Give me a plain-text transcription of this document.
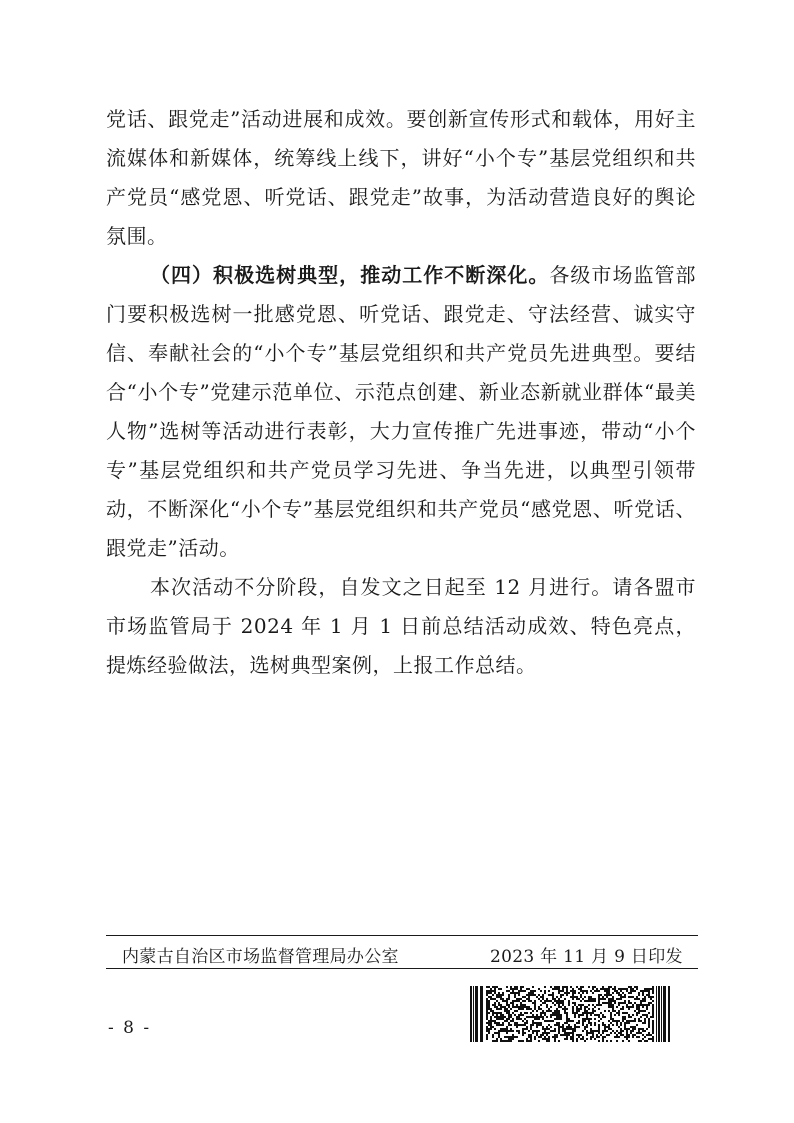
党话、跟党走”活动进展和成效。要创新宣传形式和载体，用好主流媒体和新媒体，统筹线上线下，讲好“小个专”基层党组织和共产党员“感党恩、听党话、跟党走”故事，为活动营造良好的舆论氛围。

（四）积极选树典型，推动工作不断深化。各级市场监管部门要积极选树一批感党恩、听党话、跟党走、守法经营、诚实守信、奉献社会的“小个专”基层党组织和共产党员先进典型。要结合“小个专”党建示范单位、示范点创建、新业态新就业群体“最美人物”选树等活动进行表彰，大力宣传推广先进事迹，带动“小个专”基层党组织和共产党员学习先进、争当先进，以典型引领带动，不断深化“小个专”基层党组织和共产党员“感党恩、听党话、跟党走”活动。

本次活动不分阶段，自发文之日起至 12 月进行。请各盟市市场监管局于 2024 年 1 月 1 日前总结活动成效、特色亮点，提炼经验做法，选树典型案例，上报工作总结。

内蒙古自治区市场监督管理局办公室	2023 年 11 月 9 日印发
- 8 -
